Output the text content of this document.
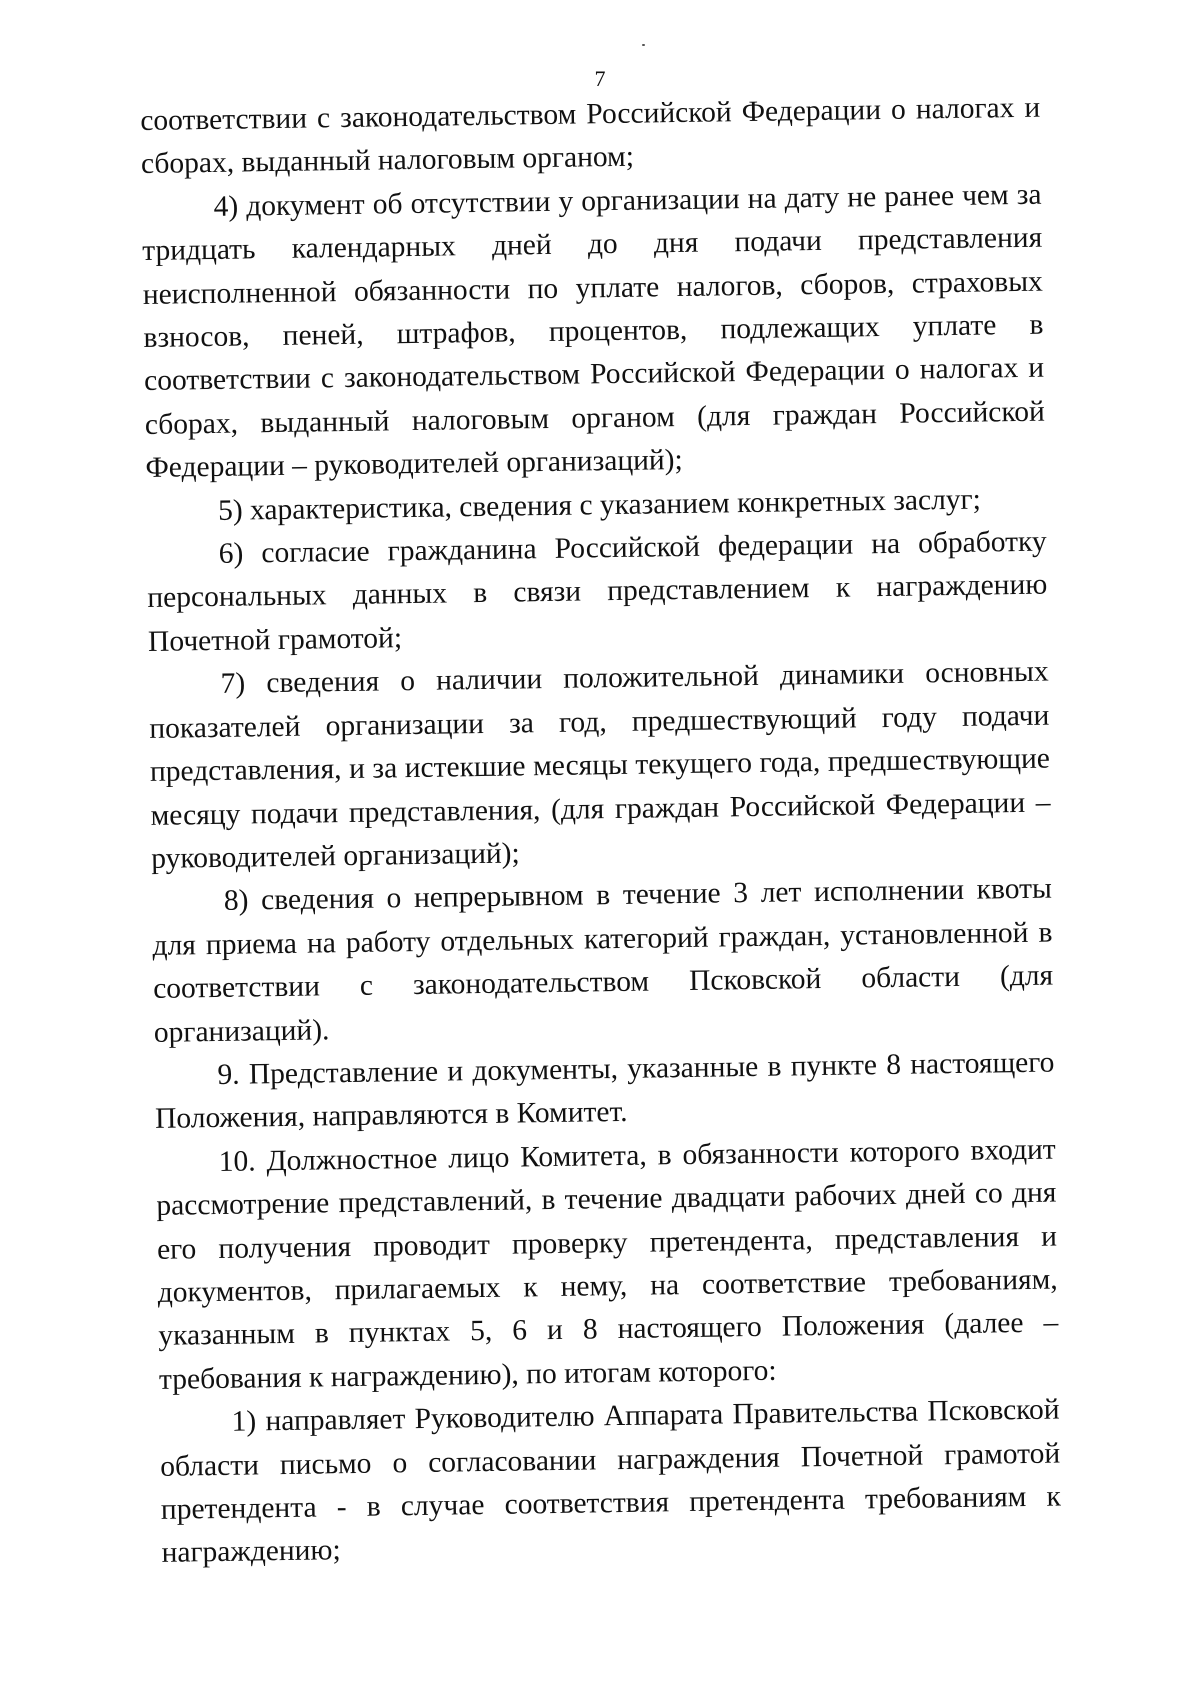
7

соответствии с законодательством Российской Федерации о налогах и сборах, выданный налоговым органом;

4) документ об отсутствии у организации на дату не ранее чем за тридцать календарных дней до дня подачи представления неисполненной обязанности по уплате налогов, сборов, страховых взносов, пеней, штрафов, процентов, подлежащих уплате в соответствии с законодательством Российской Федерации о налогах и сборах, выданный налоговым органом (для граждан Российской Федерации – руководителей организаций);

5) характеристика, сведения с указанием конкретных заслуг;

6) согласие гражданина Российской федерации на обработку персональных данных в связи представлением к награждению Почетной грамотой;

7) сведения о наличии положительной динамики основных показателей организации за год, предшествующий году подачи представления, и за истекшие месяцы текущего года, предшествующие месяцу подачи представления, (для граждан Российской Федерации – руководителей организаций);

8) сведения о непрерывном в течение 3 лет исполнении квоты для приема на работу отдельных категорий граждан, установленной в соответствии с законодательством Псковской области (для организаций).

9. Представление и документы, указанные в пункте 8 настоящего Положения, направляются в Комитет.

10. Должностное лицо Комитета, в обязанности которого входит рассмотрение представлений, в течение двадцати рабочих дней со дня его получения проводит проверку претендента, представления и документов, прилагаемых к нему, на соответствие требованиям, указанным в пунктах 5, 6 и 8 настоящего Положения (далее – требования к награждению), по итогам которого:

1) направляет Руководителю Аппарата Правительства Псковской области письмо о согласовании награждения Почетной грамотой претендента - в случае соответствия претендента требованиям к награждению;
